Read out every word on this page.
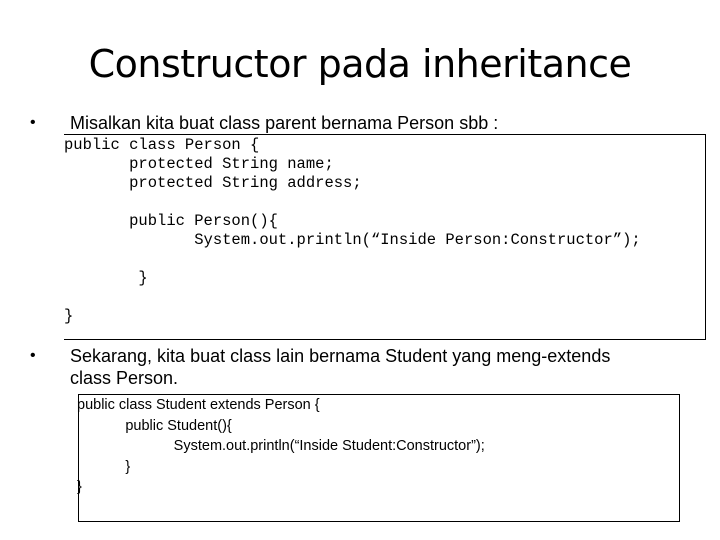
Constructor pada inheritance
• Misalkan kita buat class parent bernama Person sbb :
public class Person {
protected String name;
protected String address;

public Person(){
System.out.println(“Inside Person:Constructor”);

}

}
• Sekarang, kita buat class lain bernama Student yang meng-extends
class Person.
public class Student extends Person {
public Student(){
System.out.println(“Inside Student:Constructor”);
}
}
